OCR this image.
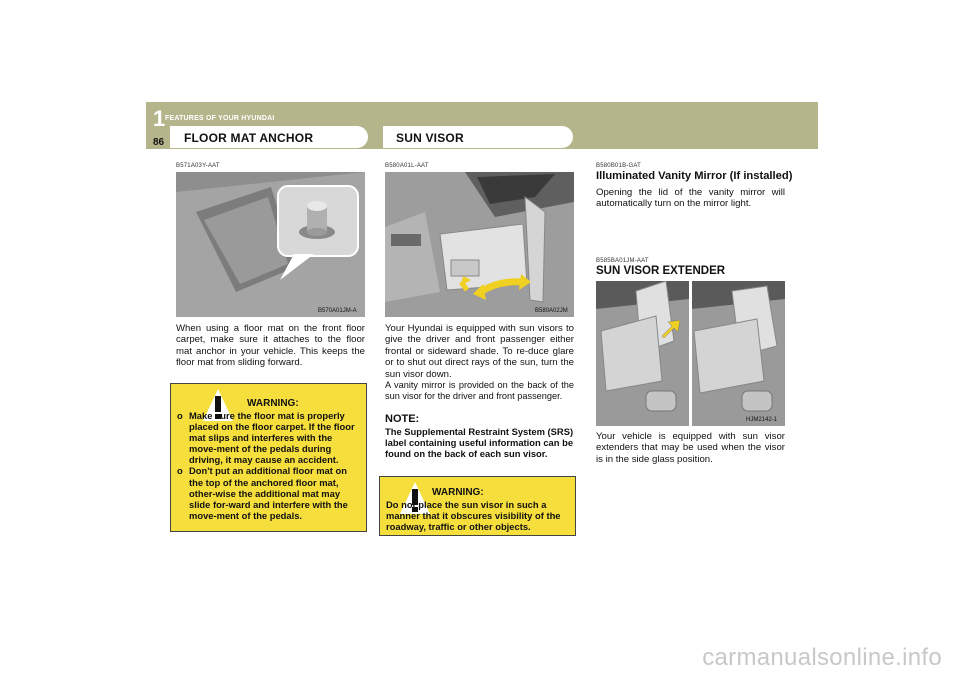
1 FEATURES OF YOUR HYUNDAI
86 FLOOR MAT ANCHOR	SUN VISOR
B571A03Y-AAT
B570A01JM-A
When using a floor mat on the front floor carpet, make sure it attaches to the floor mat anchor in your vehicle. This keeps the floor mat from sliding forward.
WARNING:
o Make sure the floor mat is properly placed on the floor carpet. If the floor mat slips and interferes with the move-ment of the pedals during driving, it may cause an accident.
o Don't put an additional floor mat on the top of the anchored floor mat, other-wise the additional mat may slide for-ward and interfere with the move-ment of the pedals.
B580A01L-AAT
B580A02JM
Your Hyundai is equipped with sun visors to give the driver and front passenger either frontal or sideward shade. To re-duce glare or to shut out direct rays of the sun, turn the sun visor down.
A vanity mirror is provided on the back of the sun visor for the driver and front passenger.
NOTE:
The Supplemental Restraint System (SRS) label containing useful information can be found on the back of each sun visor.
WARNING:
Do not place the sun visor in such a manner that it obscures visibility of the roadway, traffic or other objects.
B580B01B-GAT
Illuminated Vanity Mirror (If installed)
Opening the lid of the vanity mirror will automatically turn on the mirror light.
B585BA01JM-AAT
SUN VISOR EXTENDER
HJM2142-1
Your vehicle is equipped with sun visor extenders that may be used when the visor is in the side glass position.
carmanualsonline.info
